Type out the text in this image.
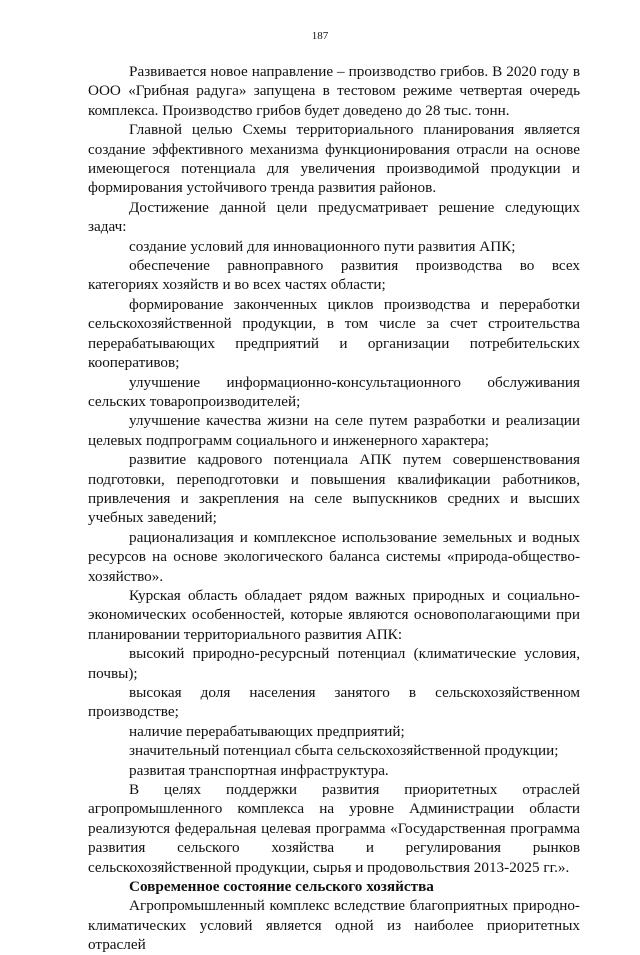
187

Развивается новое направление – производство грибов. В 2020 году в ООО «Грибная радуга» запущена в тестовом режиме четвертая очередь комплекса. Производство грибов будет доведено до 28 тыс. тонн.

Главной целью Схемы территориального планирования является создание эффективного механизма функционирования отрасли на основе имеющегося потенциала для увеличения производимой продукции и формирования устойчивого тренда развития районов.

Достижение данной цели предусматривает решение следующих задач:

создание условий для инновационного пути развития АПК;

обеспечение равноправного развития производства во всех категориях хозяйств и во всех частях области;

формирование законченных циклов производства и переработки сельскохозяйственной продукции, в том числе за счет строительства перерабатывающих предприятий и организации потребительских кооперативов;

улучшение информационно-консультационного обслуживания сельских товаропроизводителей;

улучшение качества жизни на селе путем разработки и реализации целевых подпрограмм социального и инженерного характера;

развитие кадрового потенциала АПК путем совершенствования подготовки, переподготовки и повышения квалификации работников, привлечения и закрепления на селе выпускников средних и высших учебных заведений;

рационализация и комплексное использование земельных и водных ресурсов на основе экологического баланса системы «природа-общество-хозяйство».

Курская область обладает рядом важных природных и социально-экономических особенностей, которые являются основополагающими при планировании территориального развития АПК:

высокий природно-ресурсный потенциал (климатические условия, почвы);

высокая доля населения занятого в сельскохозяйственном производстве;

наличие перерабатывающих предприятий;

значительный потенциал сбыта сельскохозяйственной продукции;

развитая транспортная инфраструктура.

В целях поддержки развития приоритетных отраслей агропромышленного комплекса на уровне Администрации области реализуются федеральная целевая программа «Государственная программа развития сельского хозяйства и регулирования рынков сельскохозяйственной продукции, сырья и продовольствия 2013-2025 гг.».

Современное состояние сельского хозяйства

Агропромышленный комплекс вследствие благоприятных природно-климатических условий является одной из наиболее приоритетных отраслей
